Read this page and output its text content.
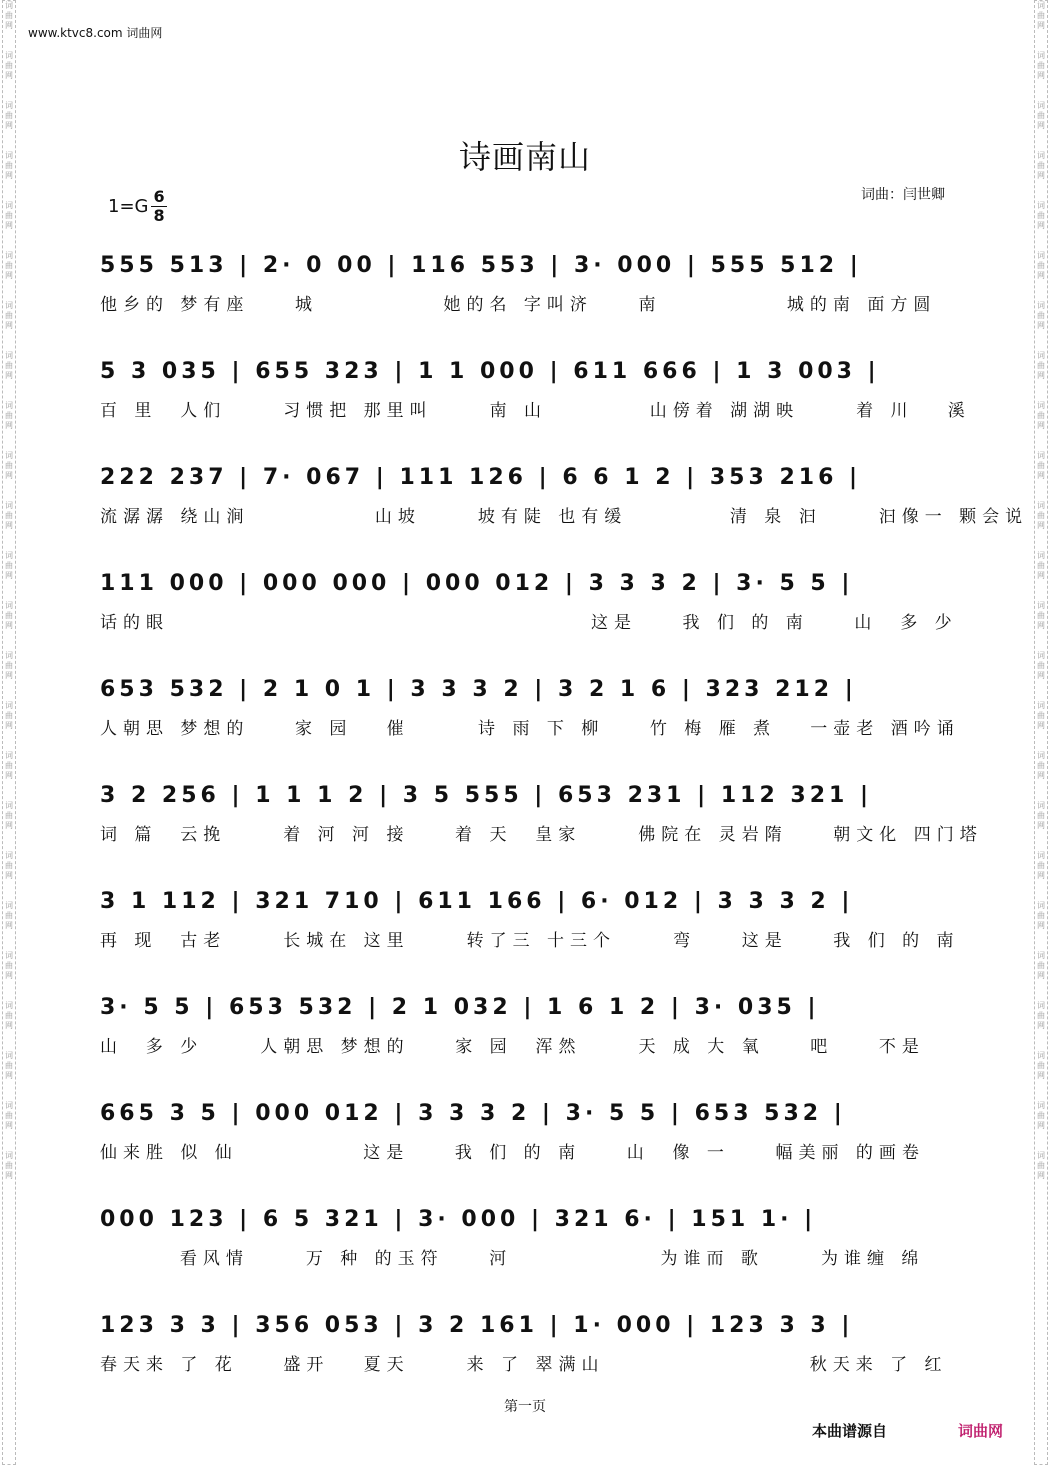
词
曲
网

词
曲
网

词
曲
网

词
曲
网

词
曲
网

词
曲
网

词
曲
网

词
曲
网

词
曲
网

词
曲
网

词
曲
网

词
曲
网

词
曲
网

词
曲
网

词
曲
网

词
曲
网

词
曲
网

词
曲
网

词
曲
网

词
曲
网

词
曲
网

词
曲
网

词
曲
网

词
曲
网

词
曲
网

词
曲
网

词
曲
网

词
曲
网

词
曲
网

词
曲
网

词
曲
网

词
曲
网

词
曲
网

词
曲
网

词
曲
网

词
曲
网

词
曲
网

词
曲
网

词
曲
网

词
曲
网

词
曲
网

词
曲
网

词
曲
网

词
曲
网

词
曲
网

词
曲
网

词
曲
网

词
曲
网

www.ktvc8.com 词曲网
诗画南山
$1=G \frac{6}{8}$	词曲：闫世卿
555 513 | 2· 0 00 | 116 553 | 3· 000 | 555 512 |
他乡的 梦有座    城           她的名 字叫济    南           城的南 面方圆
5 3 035 | 655 323 | 1 1 000 | 611 666 | 1 3 003 |
百 里  人们     习惯把 那里叫     南 山         山傍着 湖湖映     着 川   溪
222 237 | 7· 067 | 111 126 | 6 6 1 2 | 353 216 |
流潺潺 绕山涧           山坡     坡有陡 也有缓         清 泉 汩     汩像一 颗会说
111 000 | 000 000 | 000 012 | 3 3 3 2 | 3· 5 5 |
话的眼                                     这是    我 们 的 南    山  多 少
653 532 | 2 1 0 1 | 3 3 3 2 | 3 2 1 6 | 323 212 |
人朝思 梦想的    家 园   催      诗 雨 下 柳    竹 梅 雁 煮   一壶老 酒吟诵
3 2 256 | 1 1 1 2 | 3 5 555 | 653 231 | 112 321 |
词 篇  云挽     着 河 河 接    着 天  皇家     佛院在 灵岩隋    朝文化 四门塔
3 1 112 | 321 710 | 611 166 | 6· 012 | 3 3 3 2 |
再 现  古老     长城在 这里     转了三 十三个     弯    这是    我 们 的 南
3· 5 5 | 653 532 | 2 1 032 | 1 6 1 2 | 3· 035 |
山  多 少     人朝思 梦想的    家 园  浑然     天 成 大 氧    吧    不是
665 3 5 | 000 012 | 3 3 3 2 | 3· 5 5 | 653 532 |
仙来胜 似 仙           这是    我 们 的 南    山  像 一    幅美丽 的画卷
000 123 | 6 5 321 | 3· 000 | 321 6· | 151 1· |
看风情     万 种 的玉符    河             为谁而 歌     为谁缠 绵
123 3 3 | 356 053 | 3 2 161 | 1· 000 | 123 3 3 |
春天来 了 花    盛开   夏天     来 了 翠满山                  秋天来 了 红
第一页
本曲谱源自	词曲网
